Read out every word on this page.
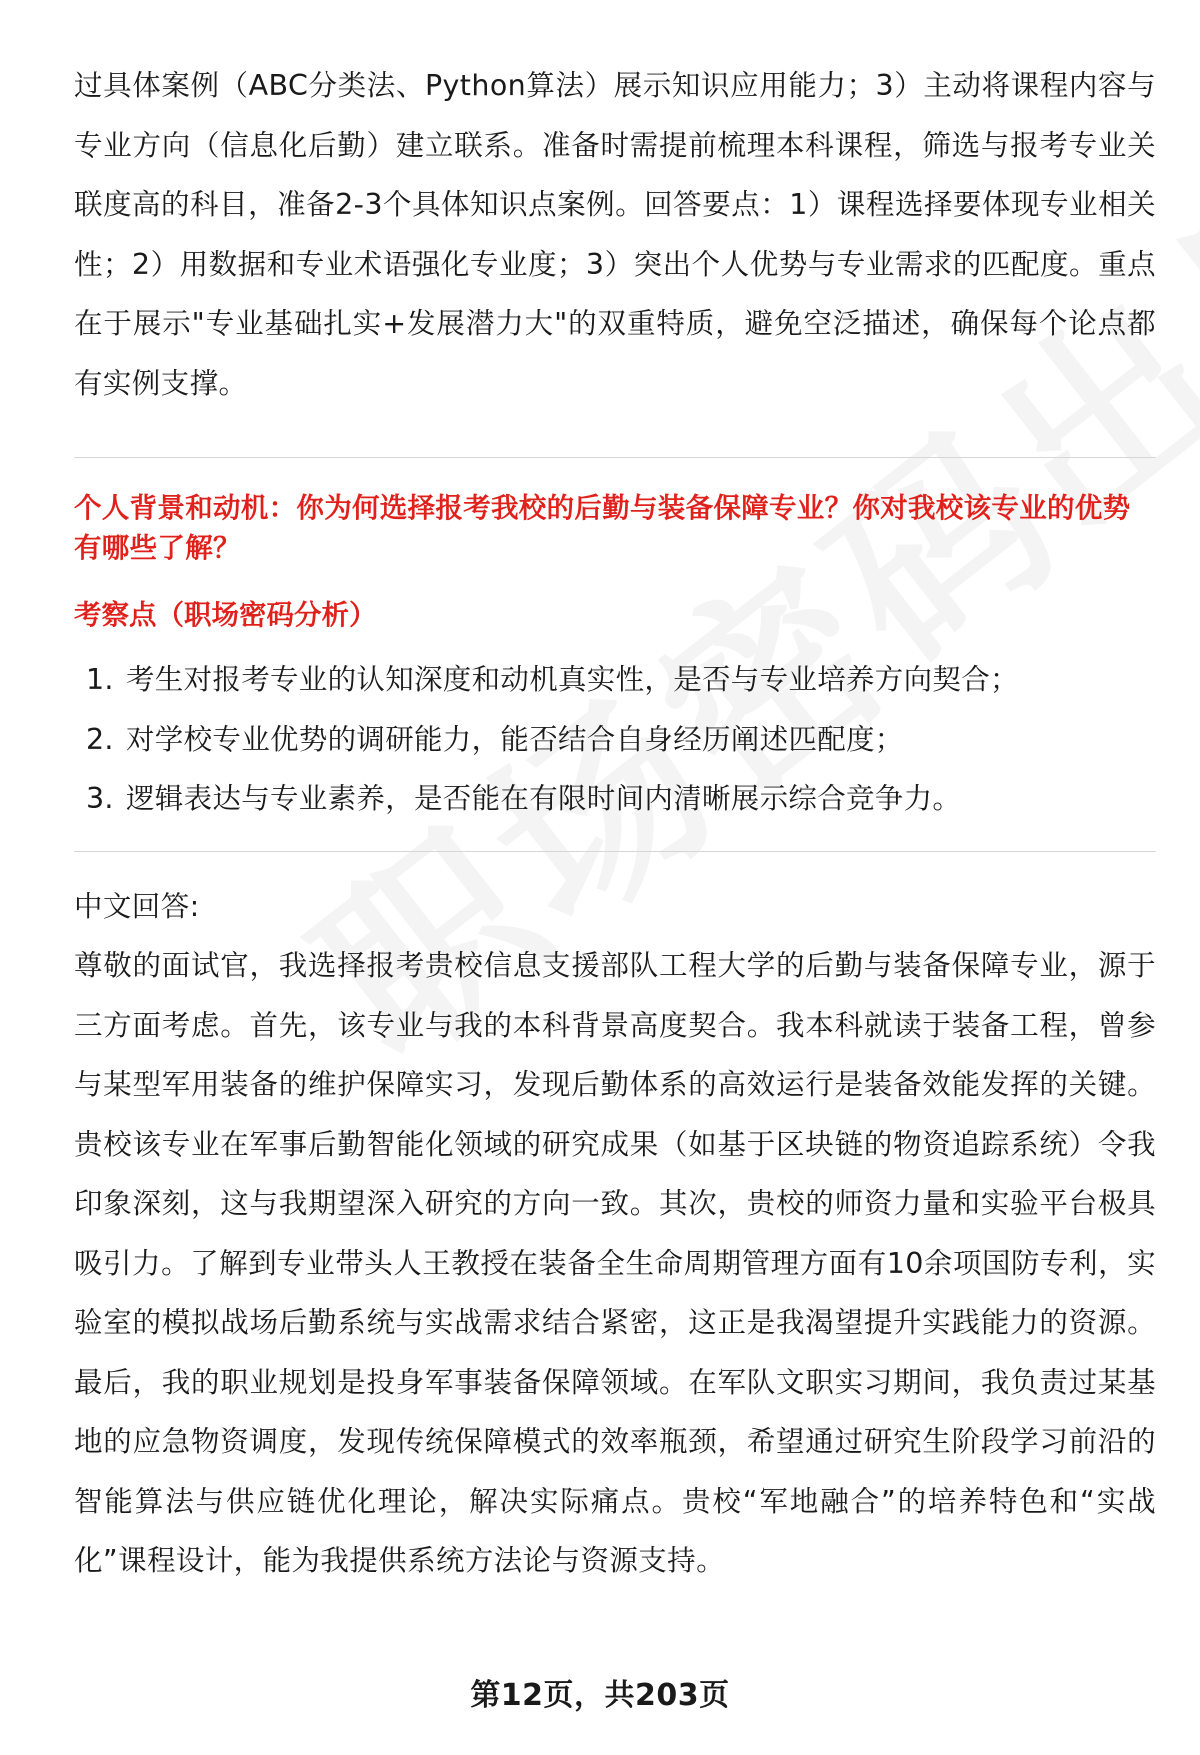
过具体案例（ABC分类法、Python算法）展示知识应用能力；3）主动将课程内容与专业方向（信息化后勤）建立联系。准备时需提前梳理本科课程，筛选与报考专业关联度高的科目，准备2-3个具体知识点案例。回答要点：1）课程选择要体现专业相关性；2）用数据和专业术语强化专业度；3）突出个人优势与专业需求的匹配度。重点在于展示"专业基础扎实+发展潜力大"的双重特质，避免空泛描述，确保每个论点都有实例支撑。

个人背景和动机：你为何选择报考我校的后勤与装备保障专业？你对我校该专业的优势有哪些了解？

考察点（职场密码分析）

1. 考生对报考专业的认知深度和动机真实性，是否与专业培养方向契合；
2. 对学校专业优势的调研能力，能否结合自身经历阐述匹配度；
3. 逻辑表达与专业素养，是否能在有限时间内清晰展示综合竞争力。

中文回答:

尊敬的面试官，我选择报考贵校信息支援部队工程大学的后勤与装备保障专业，源于三方面考虑。首先，该专业与我的本科背景高度契合。我本科就读于装备工程，曾参与某型军用装备的维护保障实习，发现后勤体系的高效运行是装备效能发挥的关键。贵校该专业在军事后勤智能化领域的研究成果（如基于区块链的物资追踪系统）令我印象深刻，这与我期望深入研究的方向一致。其次，贵校的师资力量和实验平台极具吸引力。了解到专业带头人王教授在装备全生命周期管理方面有10余项国防专利，实验室的模拟战场后勤系统与实战需求结合紧密，这正是我渴望提升实践能力的资源。最后，我的职业规划是投身军事装备保障领域。在军队文职实习期间，我负责过某基地的应急物资调度，发现传统保障模式的效率瓶颈，希望通过研究生阶段学习前沿的智能算法与供应链优化理论，解决实际痛点。贵校“军地融合”的培养特色和“实战化”课程设计，能为我提供系统方法论与资源支持。

第12页，共203页
